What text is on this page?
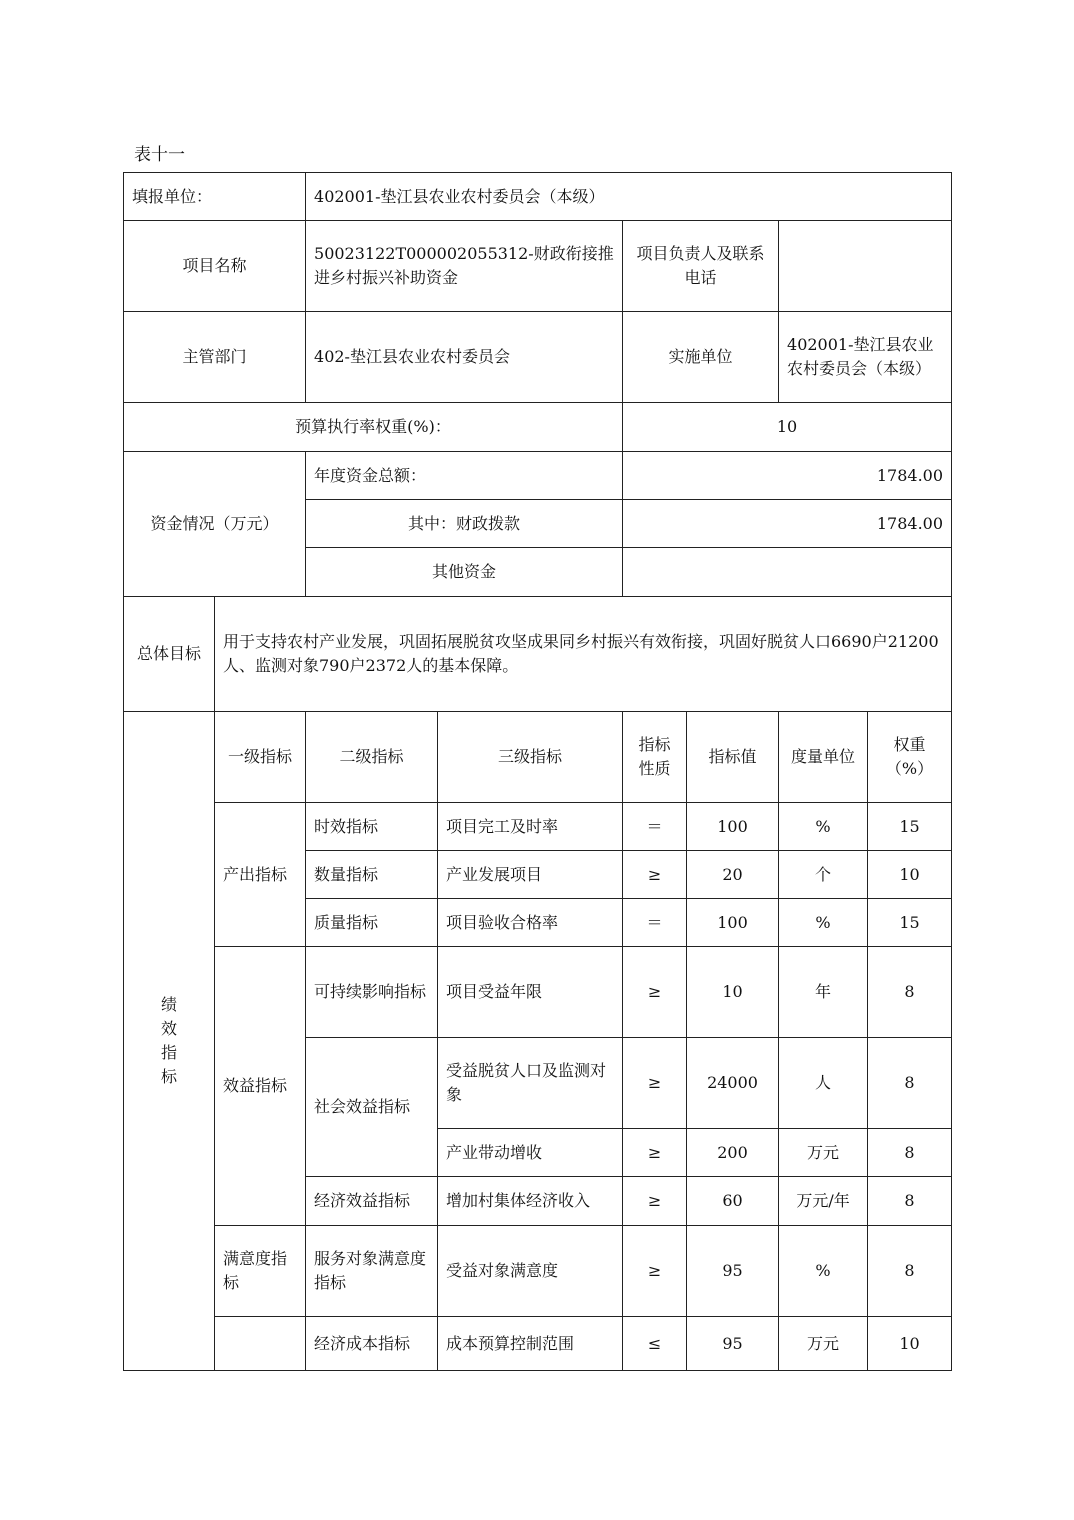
表十一
填报单位：		402001-垫江县农业农村委员会（本级）					
项目名称		50023122T000002055312-财政衔接推进乡村振兴补助资金		项目负责人及联系电话			
主管部门		402-垫江县农业农村委员会		实施单位		402001-垫江县农业农村委员会（本级）	
预算执行率权重(%)：				10			
资金情况（万元）		年度资金总额：		1784.00			
		其中：财政拨款		1784.00			
		其他资金					
总体目标	用于支持农村产业发展，巩固拓展脱贫攻坚成果同乡村振兴有效衔接，巩固好脱贫人口6690户21200人、监测对象790户2372人的基本保障。						

绩
效
指
标	一级指标	二级指标	三级指标	指标性质	指标值	度量单位	权重（%）
	产出指标	时效指标	项目完工及时率	＝	100	%	15
		数量指标	产业发展项目	≥	20	个	10
		质量指标	项目验收合格率	＝	100	%	15
	效益指标	可持续影响指标	项目受益年限	≥	10	年	8
		社会效益指标	受益脱贫人口及监测对象	≥	24000	人	8
			产业带动增收	≥	200	万元	8
		经济效益指标	增加村集体经济收入	≥	60	万元/年	8
	满意度指标	服务对象满意度指标	受益对象满意度	≥	95	%	8
		经济成本指标	成本预算控制范围	≤	95	万元	10
